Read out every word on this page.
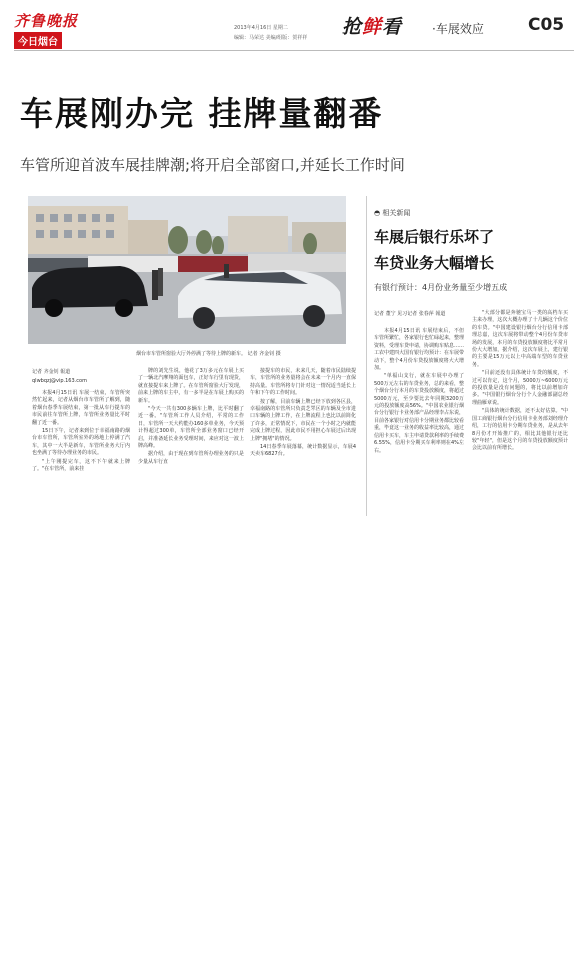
齐鲁晚报
今日烟台
2013年4月16日 星期二
编辑：马荣达 美编/组版：贺祥祥 抢鲜看 ·车展效应	C05
车展刚办完 挂牌量翻番
车管所迎首波车展挂牌潮;将开启全部窗口,并延长工作时间
烟台市车管所窗验大厅外停满了等待上牌的新车。 记者 齐金钊 摄
记者 齐金钊 報道
qlwbqzj@vip.163.com

本报4月15日讯 车展一结束，车管所突然忙起来，记者从烟台市车管所了解到，随着烟台春季车展结束，第一批从车行提车的市民前往车管所上牌，车管所业务量比平时翻了近一番。

15日下午，记者来到位于幸福南路的烟台市车管所，车管所室外的场地上停满了汽车，其中一大半是新车，车管所业务大厅内也坐满了等待办理业务的市民。

"上午刚提完车，这不下午就来上牌了。"在车管所，前来挂

牌的刘先生说，他花了3万多元在车展上买了一辆北汽摩翔的面包车，正好车行里有现货，就直接提车来上牌了。在车管所窗验大厅发现，前来上牌的车主中，有一多半是在车展上购买的新车。

"今天一共有300多辆车上牌，比平时翻了近一番。"车管所工作人员介绍，平常的工作日，车管所一天大约能办160多单业务，今天预计得超过300单，车管所全部业务窗口已经开启，并准备延长业务受理时间，来应对这一波上牌高峰。

据介绍，由于现在到车管所办理业务的只是少量从车行直

接提车的市民，未来几天，随着市民陆续提车，车管所的业务量将会在未来一个月内一直保持高量。车管所将专门针对这一情况适当延长上午和下午的工作时间。

按了解，目前车辆上牌已经下放到各区县，幸福南路的车管所只负责芝罘区的车辆及全市进口车辆的上牌工作，在上牌流程上也比以前简化了许多，正常情况下，市民在一个小时之内就能完成上牌过程，因此市民不用担心车展过后出现上牌"拥堵"的情况。

14日春季车展落幕，统计数据显示，车展4天卖车6827台。

◓ 相关新闻
车展后银行乐坏了
车贷业务大幅增长
有银行预计：4月份业务量至少增五成
记者 董宁 见习记者 张春萍 報道

本报4月15日讯 车展结束后，不但车管所繁忙，各家银行也忙碌起来，整理资料，受理车贷申请，协调购车贴息……工农中建四大国有银行均预计：在车展带动下，整个4月份车贷投放额度将大大增加。

"单福山支行，就在车展中办理了500万元左右的车贷业务，总的来看，整个烟台分行本月的车贷投放额度，将超过5000万元，至少要比去年同期3200万元的投放额度高56%。"中国农业银行烟台分行银行卡业务部产品经理李占东说，目前各家银行对信用卡分期业务都比较看重，毕竟这一业务的收益率比较高，通过信用卡买车，车主申请贷款利率的手续费6.55%，信用卡分期买车利率则在4%左右。

"大部分都是奔驰宝马一类的高档车买主来办理，这次大概办理了十几辆这个价位的车贷。"中国建设银行烟台分行信用卡部理总嘉，这次车展将带动整个4月份车贷市场的发展，本月的车贷投放额度将比平常月份大大增加，据介绍，这次车展上，建行银的主要是15万元以上中高端车型的车贷业务。

"目前还没有具体统计车贷的额度，不过可以肯定，这个月，5000万~6000万元的投放量是没有问题的，将比以前增加许多。"中国银行烟台分行个人金融部副总经理曲雁章说。

"具体的统计数据，还不太好估算。"中国工商银行烟台分行信用卡业务部刘经理介绍，工行的信用卡分期车贷业务，是从去年8月份才开始推广的，相比其他银行还比较"年轻"，但是这个月的车贷投放额度预计会比以前有所增长。
